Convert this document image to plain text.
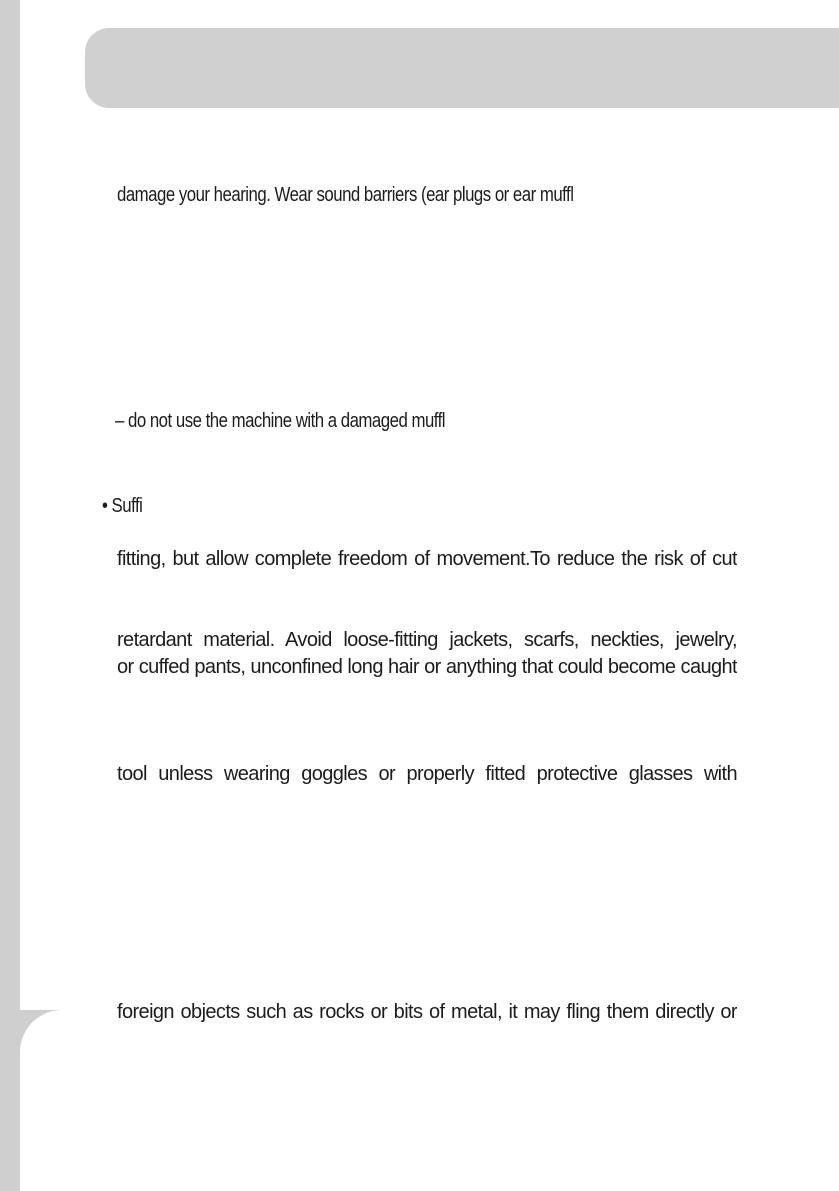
damage your hearing. Wear sound barriers (ear plugs or ear muffl
– do not use the machine with a damaged muffl
• Suffi
fitting, but allow complete freedom of movement.To reduce the risk of cut
retardant material. Avoid loose-fitting jackets, scarfs, neckties, jewelry,
or cuffed pants, unconfined long hair or anything that could become caught
tool unless wearing goggles or properly fitted protective glasses with
foreign objects such as rocks or bits of metal, it may fling them directly or
